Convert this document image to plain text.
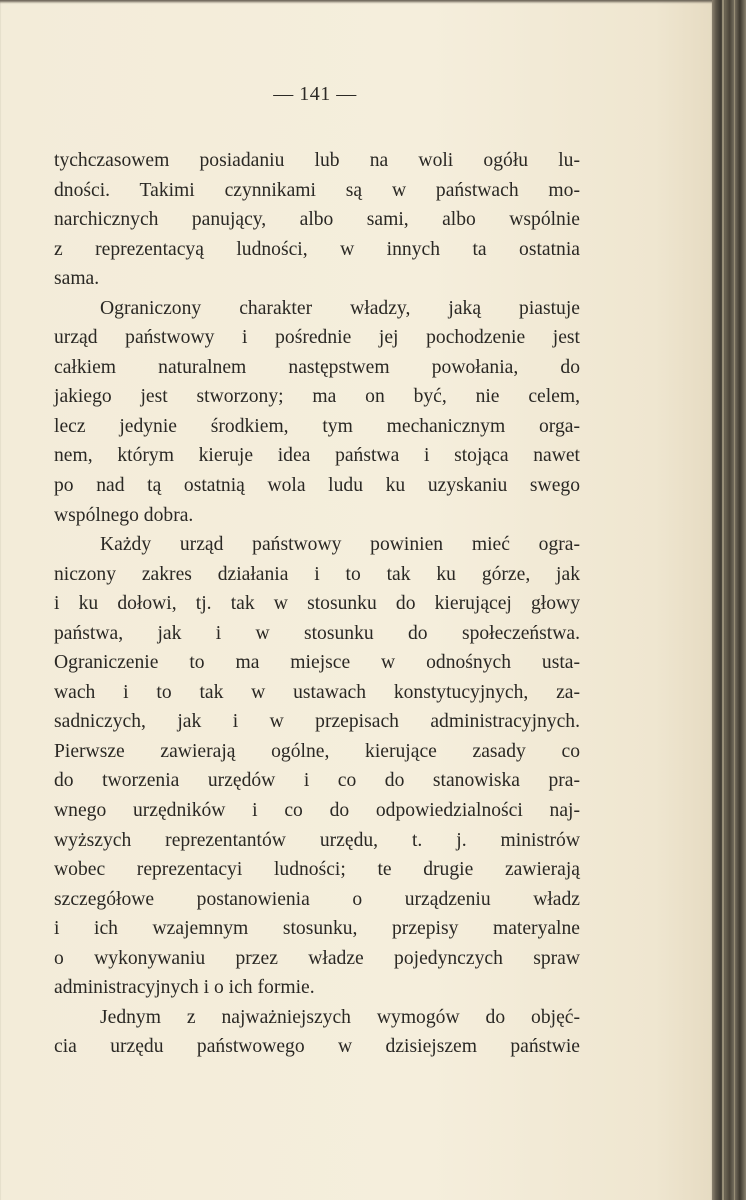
— 141 —
tychczasowem posiadaniu lub na woli ogółu lu-
dności. Takimi czynnikami są w państwach mo-
narchicznych panujący, albo sami, albo wspólnie
z reprezentacyą ludności, w innych ta ostatnia
sama.
Ograniczony charakter władzy, jaką piastuje
urząd państwowy i pośrednie jej pochodzenie jest
całkiem naturalnem następstwem powołania, do
jakiego jest stworzony; ma on być, nie celem,
lecz jedynie środkiem, tym mechanicznym orga-
nem, którym kieruje idea państwa i stojąca nawet
po nad tą ostatnią wola ludu ku uzyskaniu swego
wspólnego dobra.
Każdy urząd państwowy powinien mieć ogra-
niczony zakres działania i to tak ku górze, jak
i ku dołowi, tj. tak w stosunku do kierującej głowy
państwa, jak i w stosunku do społeczeństwa.
Ograniczenie to ma miejsce w odnośnych usta-
wach i to tak w ustawach konstytucyjnych, za-
sadniczych, jak i w przepisach administracyjnych.
Pierwsze zawierają ogólne, kierujące zasady co
do tworzenia urzędów i co do stanowiska pra-
wnego urzędników i co do odpowiedzialności naj-
wyższych reprezentantów urzędu, t. j. ministrów
wobec reprezentacyi ludności; te drugie zawierają
szczegółowe postanowienia o urządzeniu władz
i ich wzajemnym stosunku, przepisy materyalne
o wykonywaniu przez władze pojedynczych spraw
administracyjnych i o ich formie.
Jednym z najważniejszych wymogów do objęć-
cia urzędu państwowego w dzisiejszem państwie
